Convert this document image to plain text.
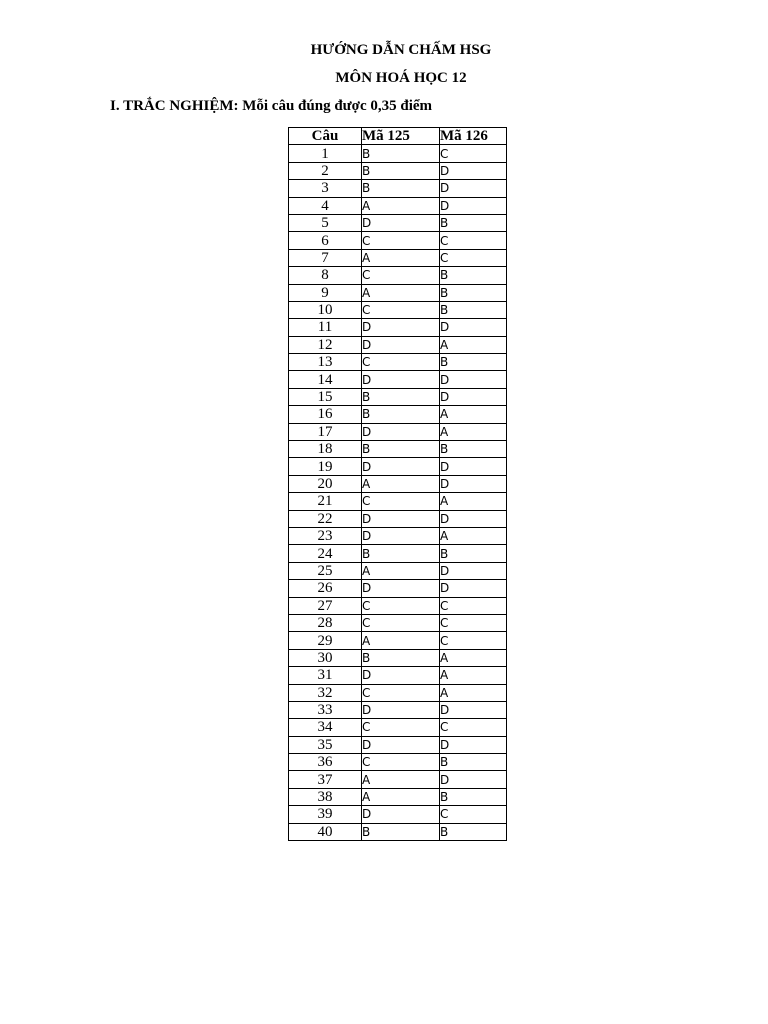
HƯỚNG DẪN CHẤM HSG
MÔN HOÁ HỌC 12

I. TRẮC NGHIỆM: Mỗi câu đúng được 0,35 điểm

Câu	Mã 125	Mã 126
1	B	C
2	B	D
3	B	D
4	A	D
5	D	B
6	C	C
7	A	C
8	C	B
9	A	B
10	C	B
11	D	D
12	D	A
13	C	B
14	D	D
15	B	D
16	B	A
17	D	A
18	B	B
19	D	D
20	A	D
21	C	A
22	D	D
23	D	A
24	B	B
25	A	D
26	D	D
27	C	C
28	C	C
29	A	C
30	B	A
31	D	A
32	C	A
33	D	D
34	C	C
35	D	D
36	C	B
37	A	D
38	A	B
39	D	C
40	B	B
